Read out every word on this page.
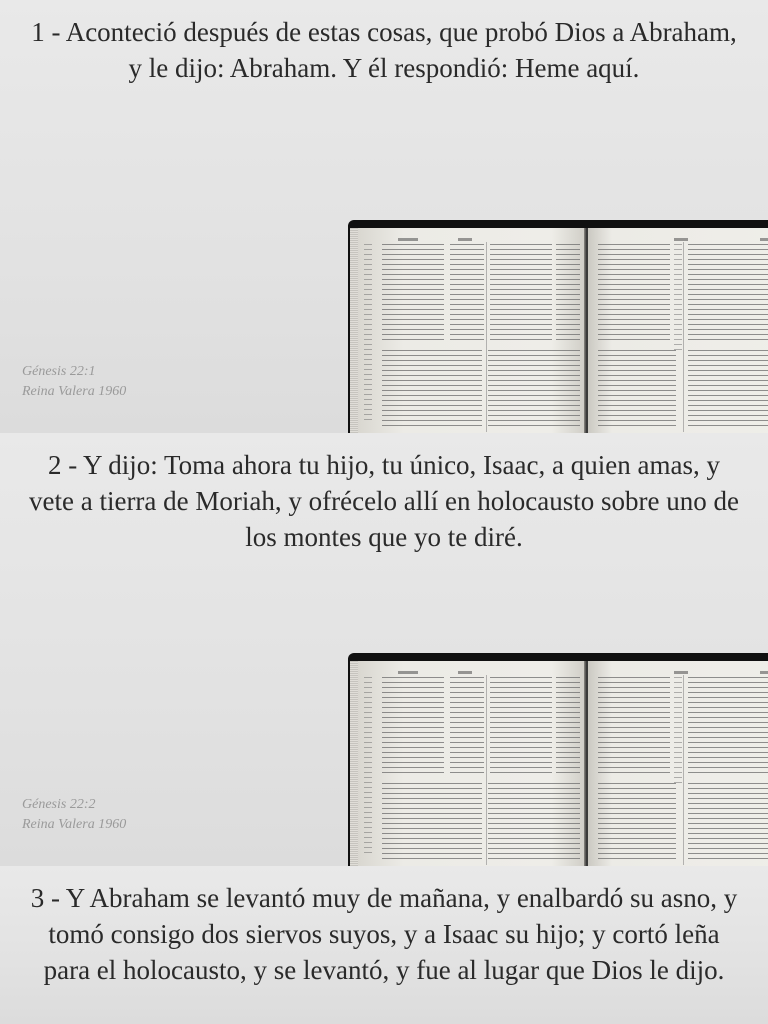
1 - Aconteció después de estas cosas, que probó Dios a Abraham, y le dijo: Abraham. Y él respondió: Heme aquí.

Génesis 22:1
Reina Valera 1960

2 - Y dijo: Toma ahora tu hijo, tu único, Isaac, a quien amas, y vete a tierra de Moriah, y ofrécelo allí en holocausto sobre uno de los montes que yo te diré.

Génesis 22:2
Reina Valera 1960

3 - Y Abraham se levantó muy de mañana, y enalbardó su asno, y tomó consigo dos siervos suyos, y a Isaac su hijo; y cortó leña para el holocausto, y se levantó, y fue al lugar que Dios le dijo.
